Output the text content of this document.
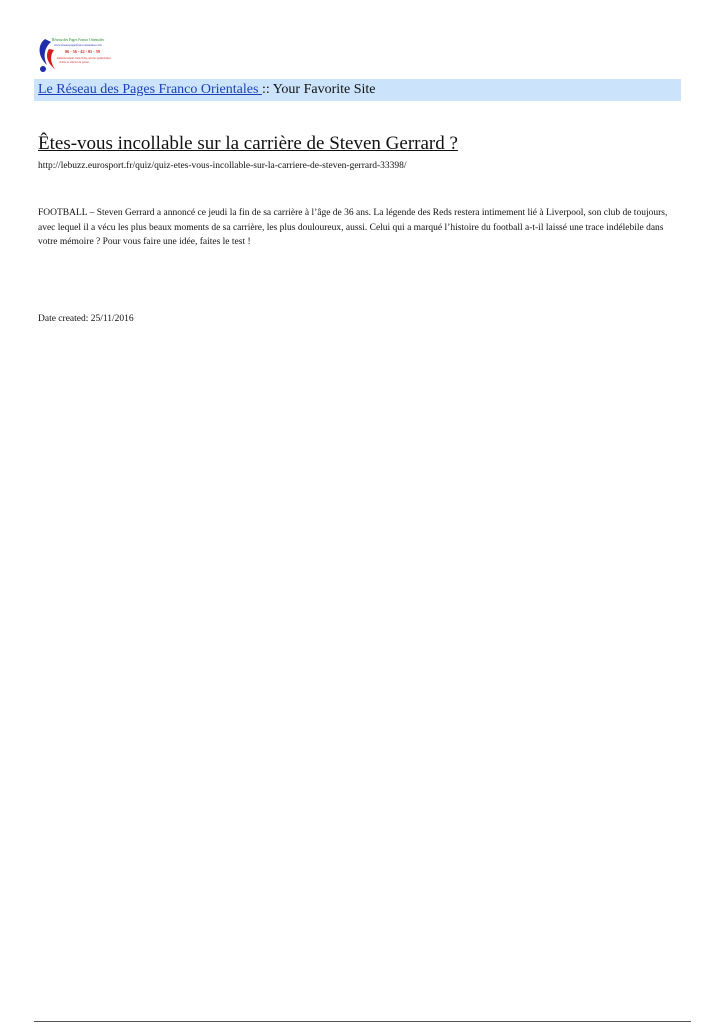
Réseau des Pages Franco Orientales
www.reseau.pagesfrancoorientales.com
06 - 56 - 42 - 05 - 59
Référencement, liens WIA, articles publicitaires
vidéos et articles de presse.
Le Réseau des Pages Franco Orientales :: Your Favorite Site
Êtes-vous incollable sur la carrière de Steven Gerrard ?
http://lebuzz.eurosport.fr/quiz/quiz-etes-vous-incollable-sur-la-carriere-de-steven-gerrard-33398/

FOOTBALL – Steven Gerrard a annoncé ce jeudi la fin de sa carrière à l’âge de 36 ans. La légende des Reds restera intimement lié à Liverpool, son club de toujours, avec lequel il a vécu les plus beaux moments de sa carrière, les plus douloureux, aussi. Celui qui a marqué l’histoire du football a-t-il laissé une trace indélebile dans votre mémoire ? Pour vous faire une idée, faites le test !

Date created: 25/11/2016
